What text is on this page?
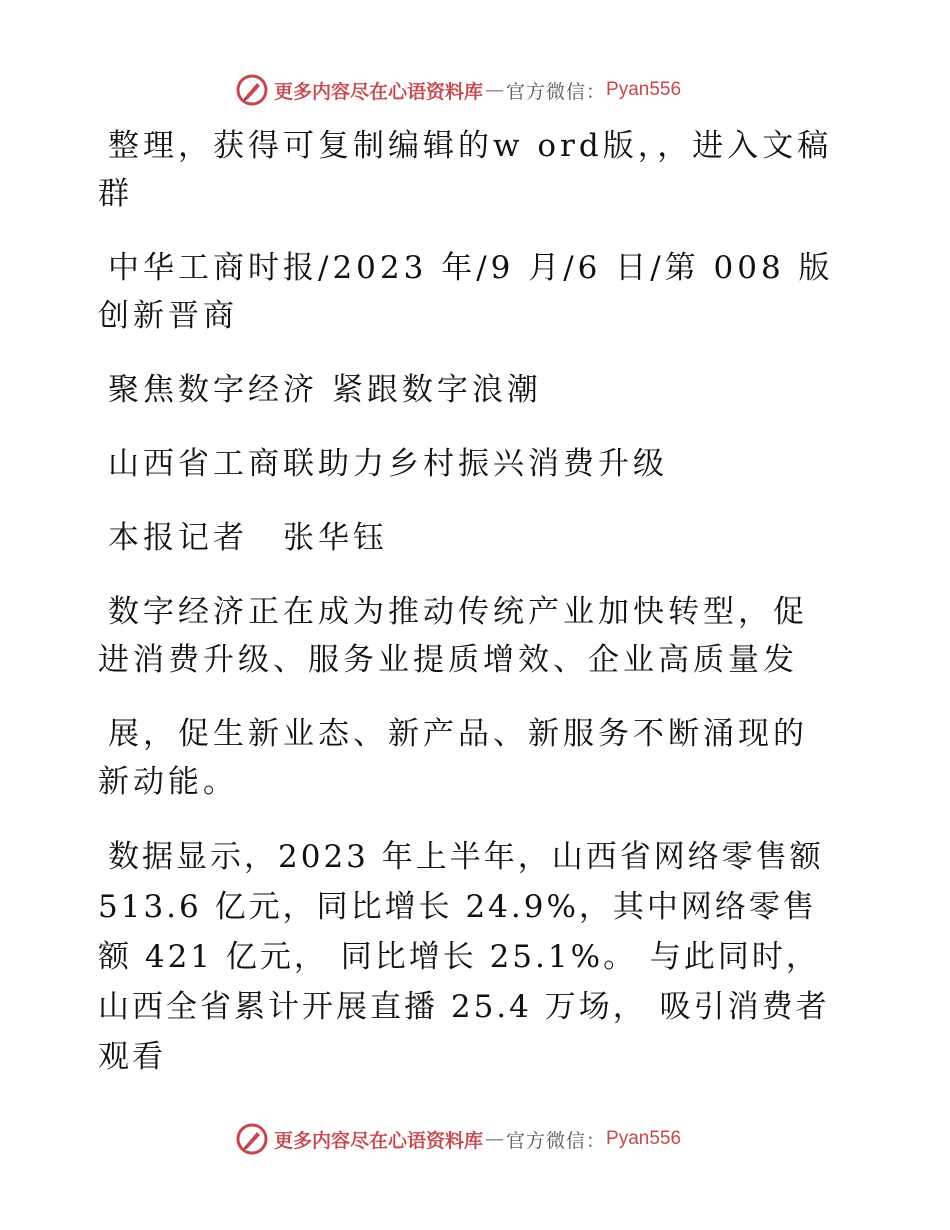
更多内容尽在心语资料库 — 官方微信： Pyan556

整理，获得可复制编辑的w ord版，，进入文稿群

中华工商时报/2023 年/9 月/6 日/第 008 版创新晋商

聚焦数字经济 紧跟数字浪潮

山西省工商联助力乡村振兴消费升级

本报记者　张华钰

数字经济正在成为推动传统产业加快转型，促进消费升级、服务业提质增效、企业高质量发

展，促生新业态、新产品、新服务不断涌现的新动能。

数据显示，2023 年上半年，山西省网络零售额 513.6 亿元，同比增长 24.9%，其中网络零售额 421 亿元， 同比增长 25.1%。 与此同时， 山西全省累计开展直播 25.4 万场， 吸引消费者观看

更多内容尽在心语资料库 — 官方微信： Pyan556
